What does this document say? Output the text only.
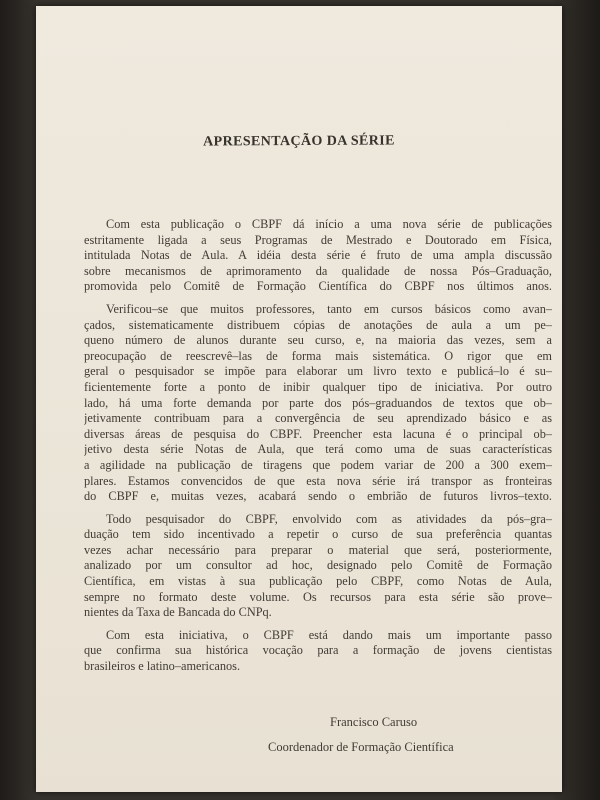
APRESENTAÇÃO DA SÉRIE
Com esta publicação o CBPF dá início a uma nova série de publicações
estritamente ligada a seus Programas de Mestrado e Doutorado em Física,
intitulada Notas de Aula. A idéia desta série é fruto de uma ampla discussão
sobre mecanismos de aprimoramento da qualidade de nossa Pós–Graduação,
promovida pelo Comitê de Formação Científica do CBPF nos últimos anos.
Verificou–se que muitos professores, tanto em cursos básicos como avan–
çados, sistematicamente distribuem cópias de anotações de aula a um pe–
queno número de alunos durante seu curso, e, na maioria das vezes, sem a
preocupação de reescrevê–las de forma mais sistemática. O rigor que em
geral o pesquisador se impõe para elaborar um livro texto e publicá–lo é su–
ficientemente forte a ponto de inibir qualquer tipo de iniciativa. Por outro
lado, há uma forte demanda por parte dos pós–graduandos de textos que ob–
jetivamente contribuam para a convergência de seu aprendizado básico e as
diversas áreas de pesquisa do CBPF. Preencher esta lacuna é o principal ob–
jetivo desta série Notas de Aula, que terá como uma de suas características
a agilidade na publicação de tiragens que podem variar de 200 a 300 exem–
plares. Estamos convencidos de que esta nova série irá transpor as fronteiras
do CBPF e, muitas vezes, acabará sendo o embrião de futuros livros–texto.
Todo pesquisador do CBPF, envolvido com as atividades da pós–gra–
duação tem sido incentivado a repetir o curso de sua preferência quantas
vezes achar necessário para preparar o material que será, posteriormente,
analizado por um consultor ad hoc, designado pelo Comitê de Formação
Científica, em vistas à sua publicação pelo CBPF, como Notas de Aula,
sempre no formato deste volume. Os recursos para esta série são prove–
nientes da Taxa de Bancada do CNPq.
Com esta iniciativa, o CBPF está dando mais um importante passo
que confirma sua histórica vocação para a formação de jovens cientistas
brasileiros e latino–americanos.
Francisco Caruso
Coordenador de Formação Científica
